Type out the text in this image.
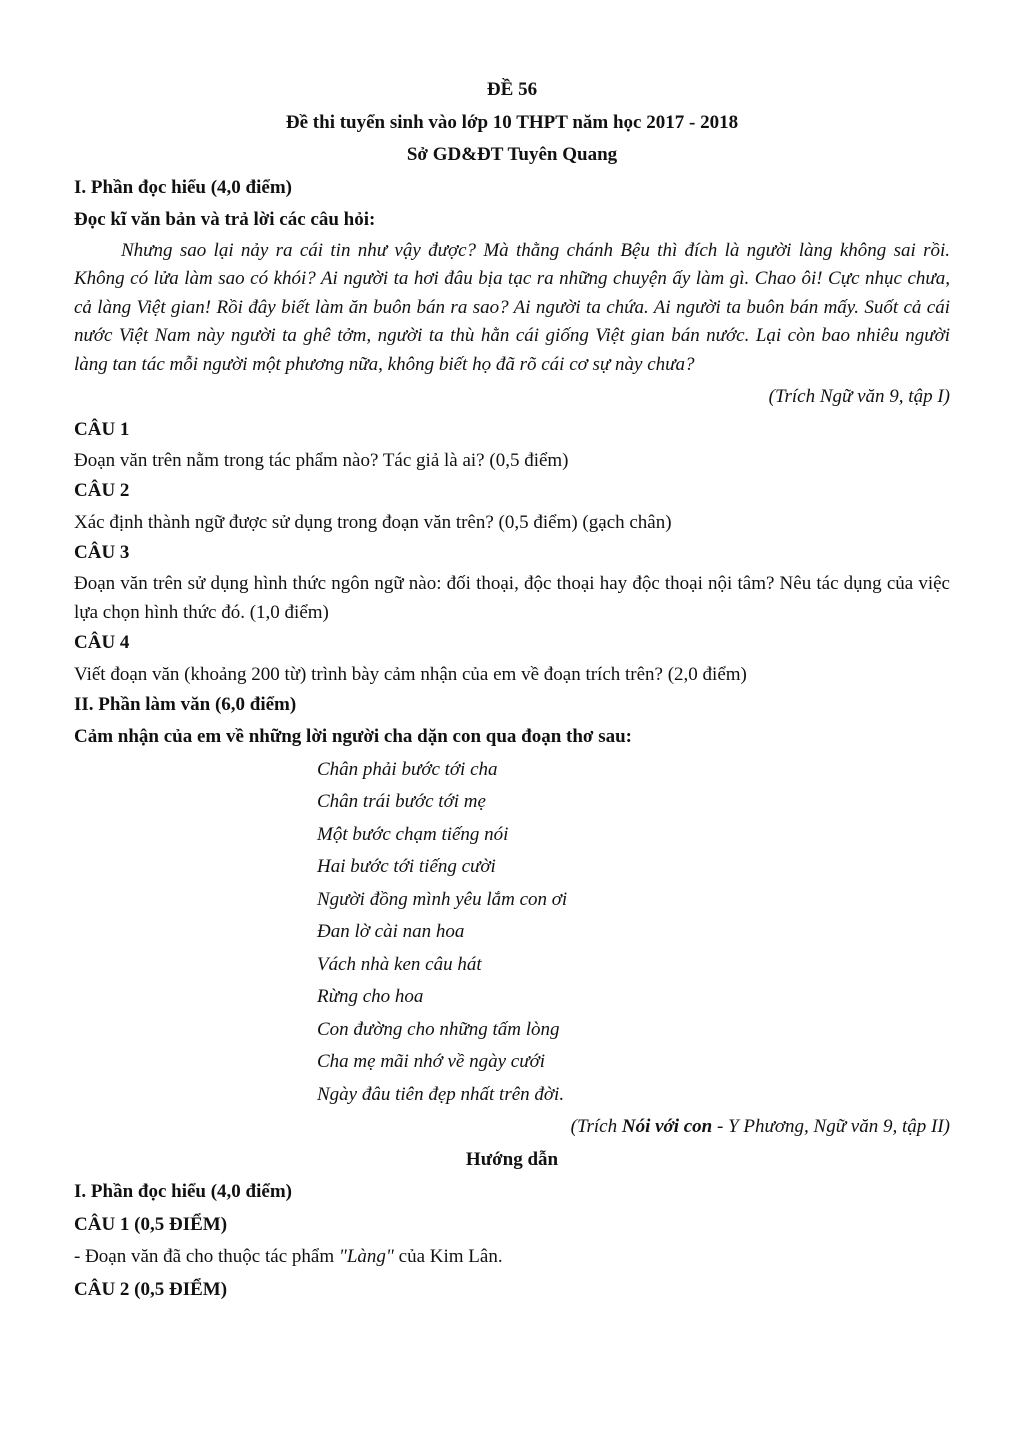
ĐỀ 56
Đề thi tuyển sinh vào lớp 10 THPT năm học 2017 - 2018
Sở GD&ĐT Tuyên Quang
I. Phần đọc hiểu (4,0 điểm)
Đọc kĩ văn bản và trả lời các câu hỏi:

Nhưng sao lại nảy ra cái tin như vậy được? Mà thằng chánh Bệu thì đích là người làng không sai rồi. Không có lửa làm sao có khói? Ai người ta hơi đâu bịa tạc ra những chuyện ấy làm gì. Chao ôi! Cực nhục chưa, cả làng Việt gian! Rồi đây biết làm ăn buôn bán ra sao? Ai người ta chứa. Ai người ta buôn bán mấy. Suốt cả cái nước Việt Nam này người ta ghê tởm, người ta thù hằn cái giống Việt gian bán nước. Lại còn bao nhiêu người làng tan tác mỗi người một phương nữa, không biết họ đã rõ cái cơ sự này chưa?

(Trích Ngữ văn 9, tập I)
CÂU 1
Đoạn văn trên nằm trong tác phẩm nào? Tác giả là ai? (0,5 điểm)
CÂU 2
Xác định thành ngữ được sử dụng trong đoạn văn trên? (0,5 điểm) (gạch chân)
CÂU 3
Đoạn văn trên sử dụng hình thức ngôn ngữ nào: đối thoại, độc thoại hay độc thoại nội tâm? Nêu tác dụng của việc lựa chọn hình thức đó. (1,0 điểm)
CÂU 4
Viết đoạn văn (khoảng 200 từ) trình bày cảm nhận của em về đoạn trích trên? (2,0 điểm)
II. Phần làm văn (6,0 điểm)
Cảm nhận của em về những lời người cha dặn con qua đoạn thơ sau:
Chân phải bước tới cha
Chân trái bước tới mẹ
Một bước chạm tiếng nói
Hai bước tới tiếng cười
Người đồng mình yêu lắm con ơi
Đan lờ cài nan hoa
Vách nhà ken câu hát
Rừng cho hoa
Con đường cho những tấm lòng
Cha mẹ mãi nhớ về ngày cưới
Ngày đâu tiên đẹp nhất trên đời.
(Trích Nói với con - Y Phương, Ngữ văn 9, tập II)
Hướng dẫn
I. Phần đọc hiểu (4,0 điểm)
CÂU 1 (0,5 ĐIỂM)
- Đoạn văn đã cho thuộc tác phẩm "Làng" của Kim Lân.
CÂU 2 (0,5 ĐIỂM)
